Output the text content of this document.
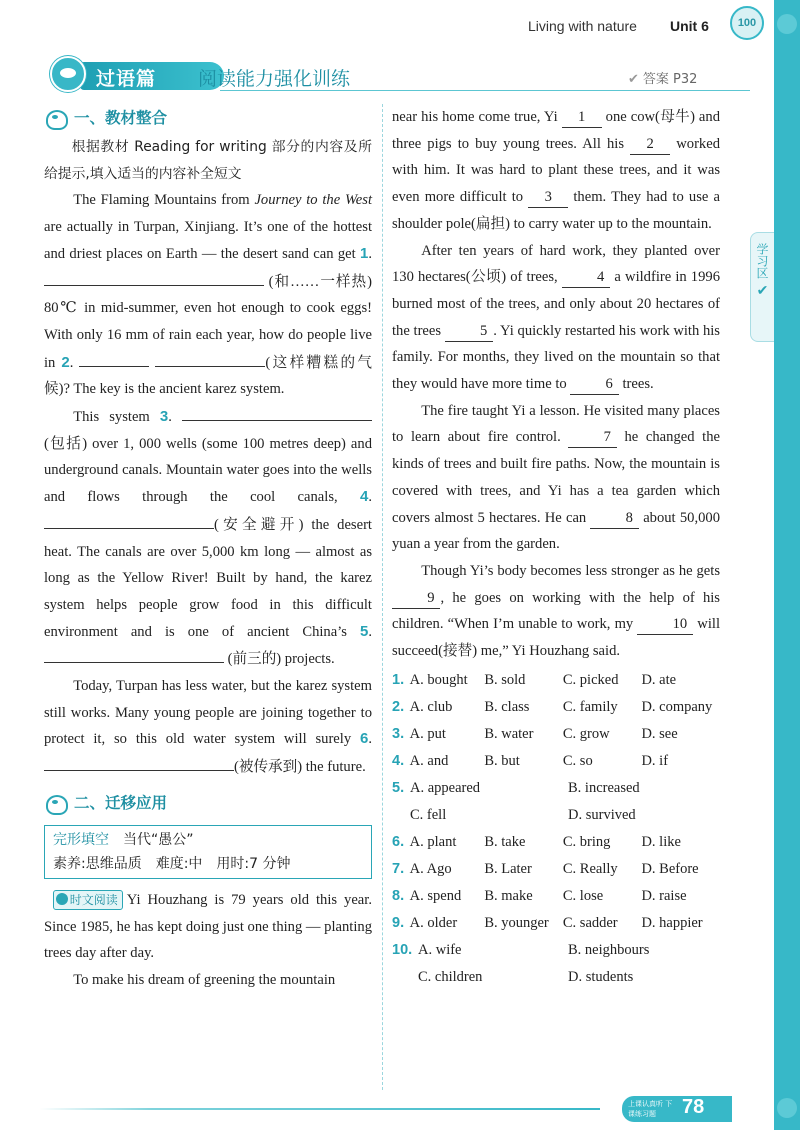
学习区
✔
Living with nature Unit 6	100
过语篇 阅读能力强化训练	✔ 答案 P32
一、教材整合

根据教材 Reading for writing 部分的内容及所给提示,填入适当的内容补全短文

The Flaming Mountains from Journey to the West are actually in Turpan, Xinjiang. It’s one of the hottest and driest places on Earth — the desert sand can get 1.  (和……一样热) 80℃ in mid-summer, even hot enough to cook eggs! With only 16 mm of rain each year, how do people live in 2.	(这样糟糕的气候)? The key is the ancient karez system.

This system 3.  (包括) over 1, 000 wells (some 100 metres deep) and underground canals. Mountain water goes into the wells and flows through the cool canals, 4. (安全避开) the desert heat. The canals are over 5,000 km long — almost as long as the Yellow River! Built by hand, the karez system helps people grow food in this difficult environment and is one of ancient China’s 5.  (前三的) projects.

Today, Turpan has less water, but the karez system still works. Many young people are joining together to protect it, so this old water system will surely 6. (被传承到) the future.

二、迁移应用
完形填空　 当代“愚公”
素养:思维品质　难度:中　用时:7 分钟

时文阅读 Yi Houzhang is 79 years old this year. Since 1985, he has kept doing just one thing — planting trees day after day.

To make his dream of greening the mountain

near his home come true, Yi 1 one cow(母牛) and three pigs to buy young trees. All his 2 worked with him. It was hard to plant these trees, and it was even more difficult to 3 them. They had to use a shoulder pole(扁担) to carry water up to the mountain.

After ten years of hard work, they planted over 130 hectares(公顷) of trees, 4 a wildfire in 1996 burned most of the trees, and only about 20 hectares of the trees 5 . Yi quickly restarted his work with his family. For months, they lived on the mountain so that they would have more time to 6 trees.

The fire taught Yi a lesson. He visited many places to learn about fire control. 7 he changed the kinds of trees and built fire paths. Now, the mountain is covered with trees, and Yi has a tea garden which covers almost 5 hectares. He can 8 about 50,000 yuan a year from the garden.

Though Yi’s body becomes less stronger as he gets 9 , he goes on working with the help of his children. “When I’m unable to work, my 10 will succeed(接替) me,” Yi Houzhang said.

1. A. bought	B. sold	C. picked	D. ate
2. A. club	B. class	C. family	D. company
3. A. put	B. water	C. grow	D. see
4. A. and	B. but	C. so	D. if
5. A. appeared	B. increased
C. fell	D. survived
6. A. plant	B. take	C. bring	D. like
7. A. Ago	B. Later	C. Really	D. Before
8. A. spend	B. make	C. lose	D. raise
9. A. older	B. younger C. sadder	D. happier
10. A. wife	B. neighbours
C. children	D. students
上课认真听 下课练习题	78
